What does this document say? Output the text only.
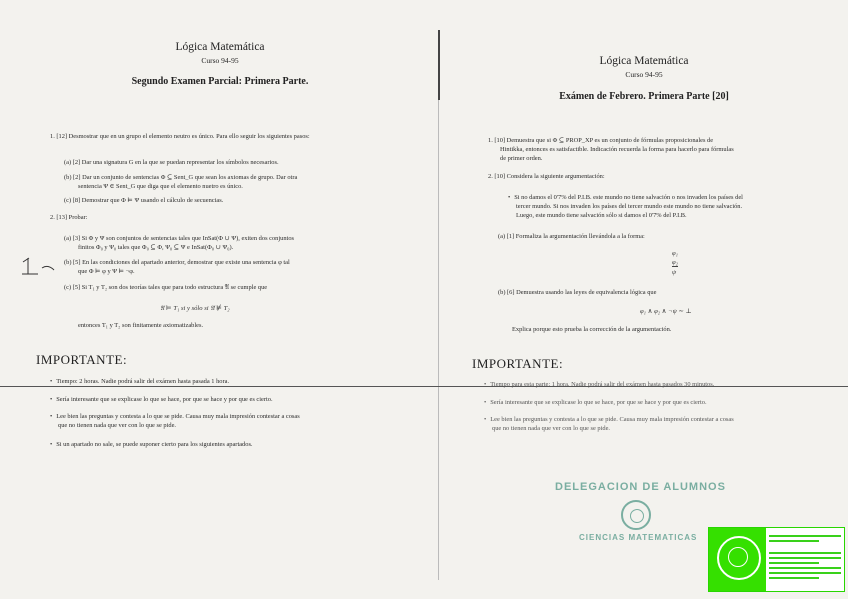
Lógica Matemática
Curso 94-95
Segundo Examen Parcial: Primera Parte.
1. [12] Desmostrar que en un grupo el elemento neutro es único. Para ello seguir los siguientes pasos:
(a) [2] Dar una signatura G en la que se puedan representar los símbolos necesarios.
(b) [2] Dar un conjunto de sentencias Φ ⊆ Sent_G que sean los axiomas de grupo. Dar otra
sentencia Ψ ∈ Sent_G que diga que el elemento nuetro es único.
(c) [8] Demostrar que Φ ⊨ Ψ usando el cálculo de secuencias.
2. [13] Probar:
(a) [3] Si Φ y Ψ son conjuntos de sentencias tales que InSat(Φ ∪ Ψ), exiten dos conjuntos
finitos Φ₀ y Ψ₀ tales que Φ₀ ⊆ Φ, Ψ₀ ⊆ Ψ e InSat(Φ₀ ∪ Ψ₀).
(b) [5] En las condiciones del apartado anterior, demostrar que existe una sentencia φ tal
que Φ ⊨ φ y Ψ ⊨ ¬φ.
(c) [5] Si T₁ y T₂ son dos teorías tales que para todo estructura 𝔄 se cumple que
𝔄 ⊨ T₁ si y sólo si 𝔄 ⊭ T₂
entonces T₁ y T₂ son finitamente axiomatizables.
IMPORTANTE:
• Tiempo: 2 horas. Nadie podrá salir del exámen hasta pasada 1 hora.
• Sería interesante que se explicase lo que se hace, por que se hace y por que es cierto.
• Lee bien las preguntas y contesta a lo que se pide. Causa muy mala impresión contestar a cosas
que no tienen nada que ver con lo que se pide.
• Si un apartado no sale, se puede suponer cierto para los siguientes apartados.
Lógica Matemática
Curso 94-95
Exámen de Febrero. Primera Parte [20]
1. [10] Demuestra que si Φ ⊆ PROP_XP es un conjunto de fórmulas proposicionales de
Hintikka, entonces es satisfactible. Indicación recuerda la forma para hacerlo para fórmulas
de primer orden.
2. [10] Considera la siguiente argumentación:
• Si no damos el 0'7% del P.I.B. este mundo no tiene salvación o nos invaden los países del
tercer mundo. Si nos invaden los países del tercer mundo este mundo no tiene salvación.
Luego, este mundo tiene salvación sólo si damos el 0'7% del P.I.B.
(a) [1] Formaliza la argumentación llevándola a la forma:
φ₁
φ₂
ψ
(b) [6] Demuestra usando las leyes de equivalencia lógica que
φ₁ ∧ φ₂ ∧ ¬ψ ∼ ⊥
Explica porque esto prueba la corrección de la argumentación.
IMPORTANTE:
• Tiempo para esta parte: 1 hora. Nadie podrá salir del exámen hasta pasados 30 minutos.
• Sería interesante que se explicase lo que se hace, por que se hace y por que es cierto.
• Lee bien las preguntas y contesta a lo que se pide. Causa muy mala impresión contestar a cosas
que no tienen nada que ver con lo que se pide.
DELEGACION DE ALUMNOS
CIENCIAS MATEMATICAS
